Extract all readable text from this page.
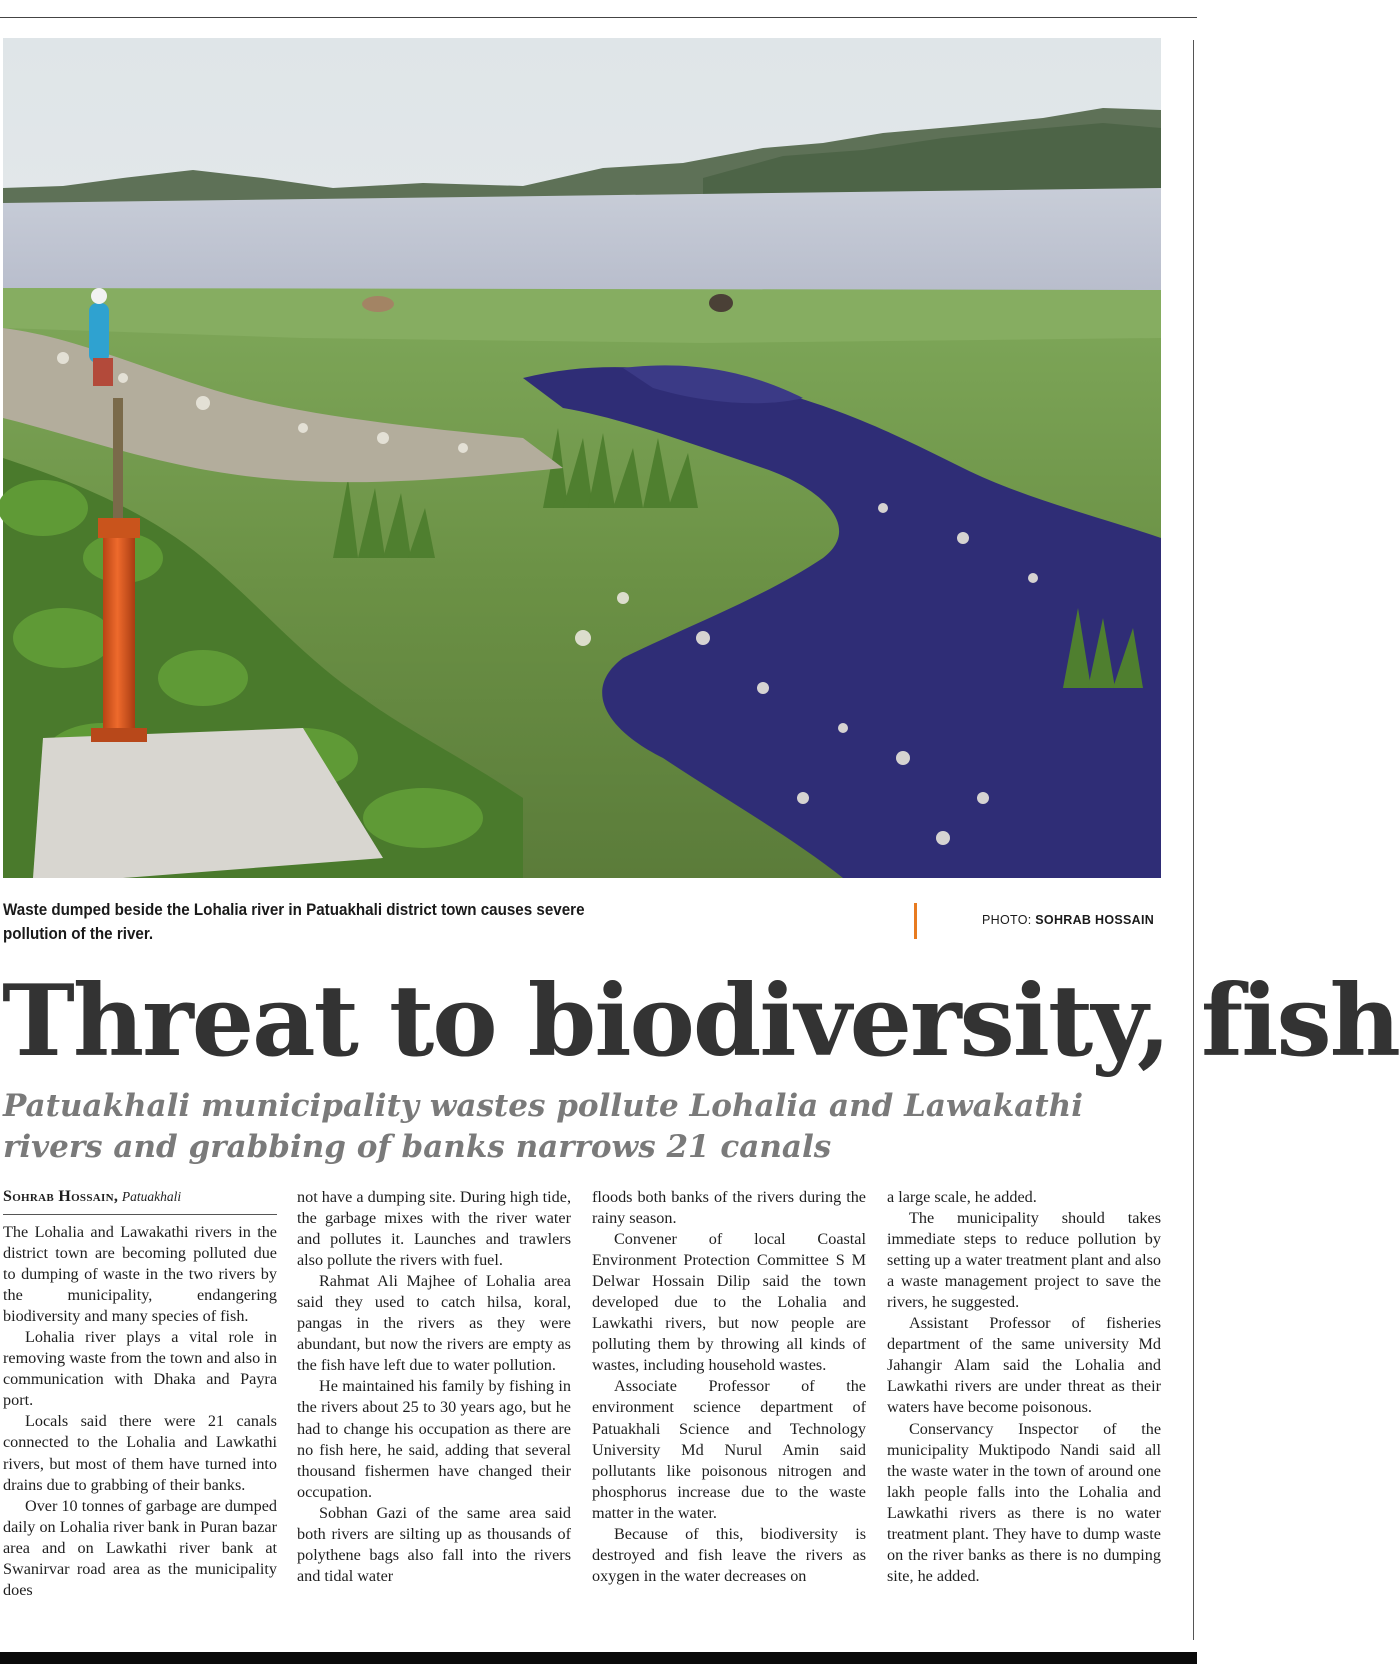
Waste dumped beside the Lohalia river in Patuakhali district town causes severe pollution of the river.
PHOTO: SOHRAB HOSSAIN
Threat to biodiversity, fish
Patuakhali municipality wastes pollute Lohalia and Lawakathi rivers and grabbing of banks narrows 21 canals
Sohrab Hossain, Patuakhali

The Lohalia and Lawakathi rivers in the district town are becoming polluted due to dumping of waste in the two rivers by the municipality, endangering biodiversity and many species of fish.

Lohalia river plays a vital role in removing waste from the town and also in communication with Dhaka and Payra port.

Locals said there were 21 canals connected to the Lohalia and Lawkathi rivers, but most of them have turned into drains due to grabbing of their banks.

Over 10 tonnes of garbage are dumped daily on Lohalia river bank in Puran bazar area and on Lawkathi river bank at Swanirvar road area as the municipality does

not have a dumping site. During high tide, the garbage mixes with the river water and pollutes it. Launches and trawlers also pollute the rivers with fuel.

Rahmat Ali Majhee of Lohalia area said they used to catch hilsa, koral, pangas in the rivers as they were abundant, but now the rivers are empty as the fish have left due to water pollution.

He maintained his family by fishing in the rivers about 25 to 30 years ago, but he had to change his occupation as there are no fish here, he said, adding that several thousand fishermen have changed their occupation.

Sobhan Gazi of the same area said both rivers are silting up as thousands of polythene bags also fall into the rivers and tidal water

floods both banks of the rivers during the rainy season.

Convener of local Coastal Environment Protection Committee S M Delwar Hossain Dilip said the town developed due to the Lohalia and Lawkathi rivers, but now people are polluting them by throwing all kinds of wastes, including household wastes.

Associate Professor of the environment science department of Patuakhali Science and Technology University Md Nurul Amin said pollutants like poisonous nitrogen and phosphorus increase due to the waste matter in the water.

Because of this, biodiversity is destroyed and fish leave the rivers as oxygen in the water decreases on

a large scale, he added.

The municipality should takes immediate steps to reduce pollution by setting up a water treatment plant and also a waste management project to save the rivers, he suggested.

Assistant Professor of fisheries department of the same university Md Jahangir Alam said the Lohalia and Lawkathi rivers are under threat as their waters have become poisonous.

Conservancy Inspector of the municipality Muktipodo Nandi said all the waste water in the town of around one lakh people falls into the Lohalia and Lawkathi rivers as there is no water treatment plant. They have to dump waste on the river banks as there is no dumping site, he added.
